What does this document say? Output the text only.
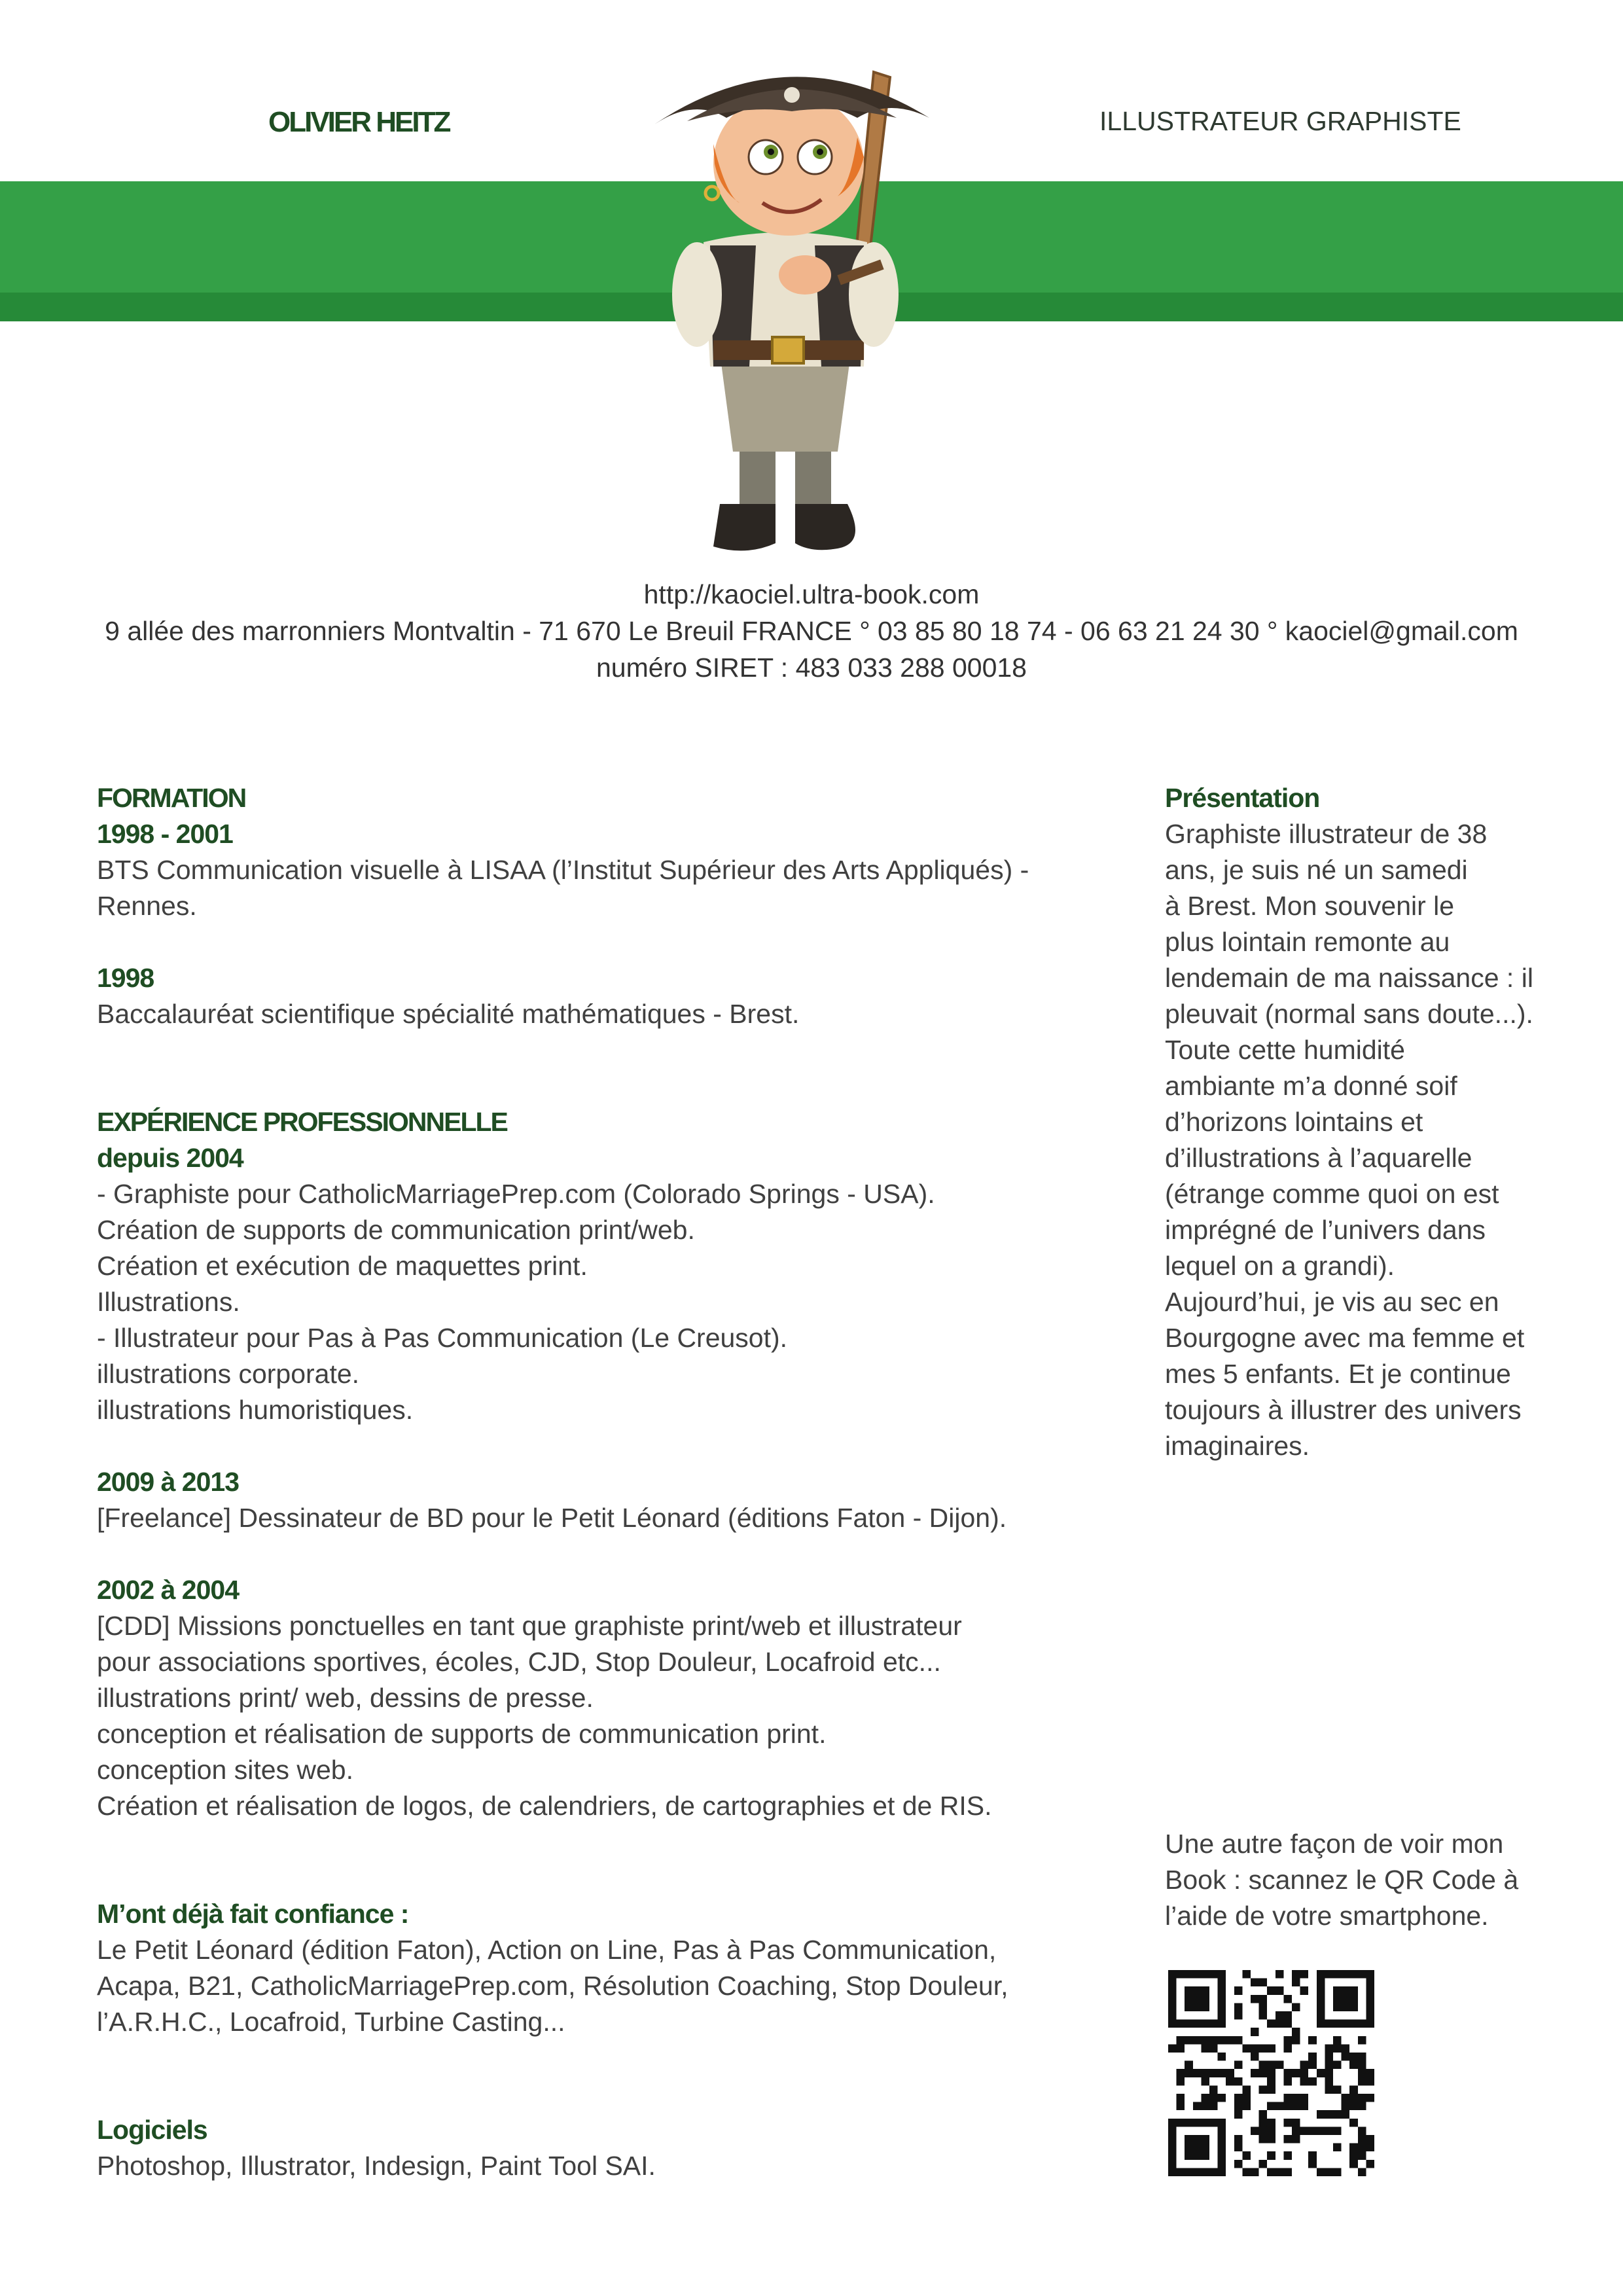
OLIVIER HEITZ	ILLUSTRATEUR GRAPHISTE
http://kaociel.ultra-book.com
9 allée des marronniers Montvaltin - 71 670 Le Breuil FRANCE ° 03 85 80 18 74 - 06 63 21 24 30 ° kaociel@gmail.com
numéro SIRET : 483 033 288 00018
FORMATION
1998 - 2001
BTS Communication visuelle à LISAA (l’Institut Supérieur des Arts Appliqués) -
Rennes.
1998
Baccalauréat scientifique spécialité mathématiques - Brest.
EXPÉRIENCE PROFESSIONNELLE
depuis 2004
- Graphiste pour CatholicMarriagePrep.com (Colorado Springs - USA).
Création de supports de communication print/web.
Création et exécution de maquettes print.
Illustrations.
- Illustrateur pour Pas à Pas Communication (Le Creusot).
illustrations corporate.
illustrations humoristiques.
2009 à 2013
[Freelance] Dessinateur de BD pour le Petit Léonard (éditions Faton - Dijon).
2002 à 2004
[CDD] Missions ponctuelles en tant que graphiste print/web et illustrateur
pour associations sportives, écoles, CJD, Stop Douleur, Locafroid etc...
illustrations print/ web, dessins de presse.
conception et réalisation de supports de communication print.
conception sites web.
Création et réalisation de logos, de calendriers, de cartographies et de RIS.
M’ont déjà fait confiance :
Le Petit Léonard (édition Faton), Action on Line, Pas à Pas Communication,
Acapa, B21, CatholicMarriagePrep.com, Résolution Coaching, Stop Douleur,
l’A.R.H.C., Locafroid, Turbine Casting...
Logiciels
Photoshop, Illustrator, Indesign, Paint Tool SAI.
Présentation
Graphiste illustrateur de 38
ans, je suis né un samedi
à Brest. Mon souvenir le
plus lointain remonte au
lendemain de ma naissance : il
pleuvait (normal sans doute...).
Toute cette humidité
ambiante m’a donné soif
d’horizons lointains et
d’illustrations à l’aquarelle
(étrange comme quoi on est
imprégné de l’univers dans
lequel on a grandi).
Aujourd’hui, je vis au sec en
Bourgogne avec ma femme et
mes 5 enfants. Et je continue
toujours à illustrer des univers
imaginaires.
Une autre façon de voir mon
Book : scannez le QR Code à
l’aide de votre smartphone.
